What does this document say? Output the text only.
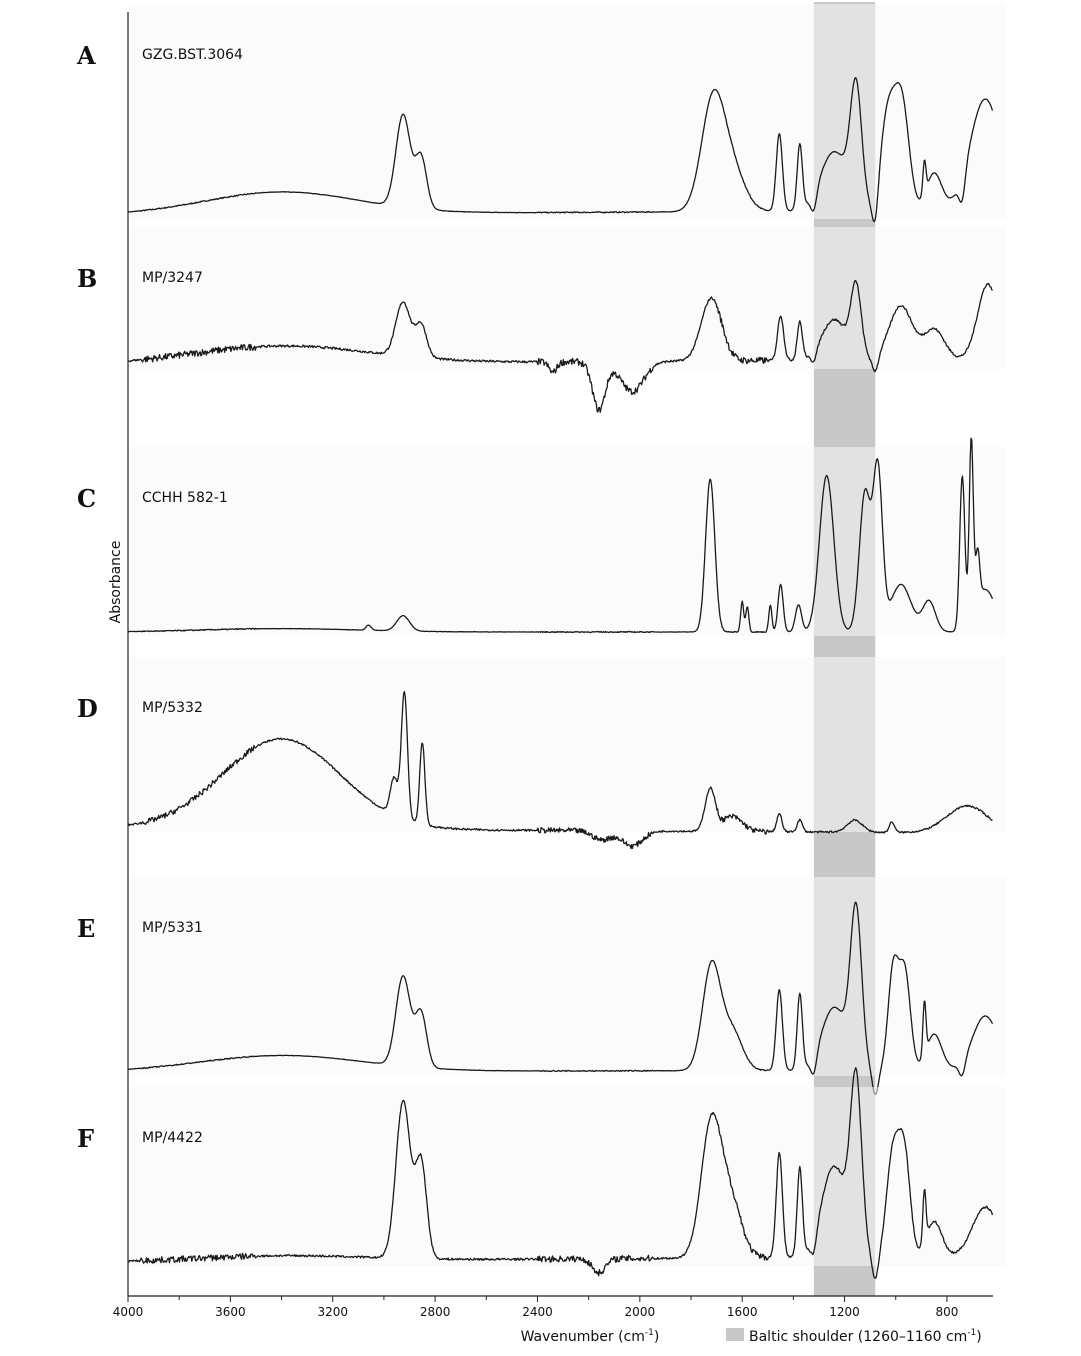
A	GZG.BST.3064
B	MP/3247
C	CCHH 582-1
D	MP/5332
E	MP/5331
F	MP/4422
Absorbance
Wavenumber $(cm^{-1})$
4000	3600	3200	2800	2400	2000	1600	1200	800
Baltic shoulder (1260–1160 $cm^{-1}$)
